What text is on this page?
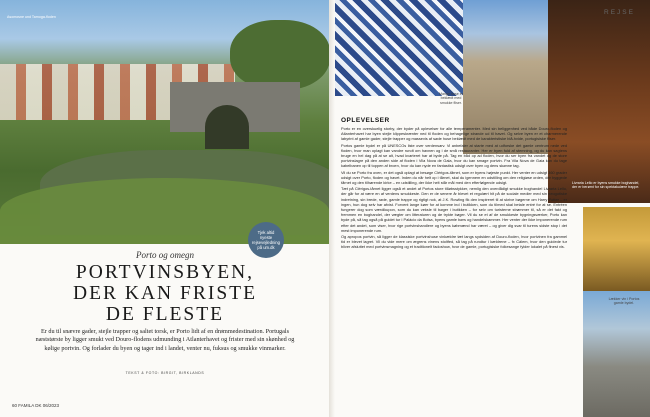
Asomosne und Tarnoga-floden
Tjek altid nyeste rejsevejledning på um.dk
Porto og omegn
PORTVINSBYEN,
DER KAN FRISTE
DE FLESTE
Er du til snævre gader, stejle trapper og saltet torsk, er Porto lidt af en drømmedestination. Portugals næststørste by ligger smukt ved Douro-flodens udmunding i Atlanterhavet og frister med sin skønhed og kølige portvin. Og forlader du byen og tager ind i landet, venter nu, fuksus og smukke vinmarker.
TEKST & FOTO: BIRGIT, BIRKLANDS
60 FAMILA DK 06/2023
REJSE
Mange huse er beklædt med smukke fliser.
Livraria Lello er byens smukke boghandel, der er berømt for sin spektakulære trappe.
Lækker vin i Portos gamle bydel.
OPLEVELSER

Porto er en overskuelig storby, der byder på oplevelser for alle temperamenter. Med sin beliggenhed ved både Douro-floden og Atlanterhavet har byen stejle klippeskrænter ned til floden og behagelige strande ud til havet. Og selve byen er et charmerende labyrint af gamle gader, stejle trapper og massevis af søde huse beklædt med de karakteristiske blå-hvide, portugisiske fliser.

Portos gamle bydel er på UNESCOs liste over verdensarv. Vi anbefaler at starte med at udforske det gamle centrum nede ved floden, hvor man oplagt kan vandre rundt om havnen og i de små restauranter. Her er byen fuld af stemning, og du kan sagtens bruge en hel dag på at se alt, hvad kvarteret har at byde på. Tag en båd op ad floden, hvor du ser byen fra vandet og de store portvinslagre på den anden side af floden i Vila Nova de Gaia, hvor du kan smage portvin. Fra Vila Nova de Gaia kan du tage kabelbanen op til toppen af broen, hvor du kan nyde en fantastisk udsigt over byen og dens skønne tag.

Vil du se Porto fra oven, er det også oplagt at besøge Clérigos-tårnet, som er byens højeste punkt. Her venter en udsigt 360 grader udsigt over Porto, floden og havet. Inden du når helt op i tårnet, skal du igennem en udstilling om den religiøse orden, der byggede tårnet og den tilhørende kirke – en udstilling, der ikke helt står mål med den efterfølgende udsigt.

Tæt på Clérigos-tårnet ligger også et andet af Portos store tilløbsstykker, nemlig den overdådigt smukke boghandel Livraria Lello, der går for at være en af verdens smukkeste. Den er de senere år blevet et regulært hit på de sociale medier med sin neogotiske indretning, sin brede, røde, gamle trappe og rigtigt nok, at J.K. Rowling fik den inspireret til at skrive bøgerne om Harry Potter – er ingen, hun dog selv har afvist. Forvent lange køer for at komme ind i butikken, som du tilmed skal betale entré for at se. Entréen fungerer dog som værdikupon, som du kan veksle til bøger i butikken – for selv om turisterne strømmer til, så er det fakt og fremmen en boghandel, der vægter om litteraturen og de trykte bøger. Vil du se et af de smukkeste bygningsværker, Porto kan byde på, så tag også på guidet tur i Palácio da Bolsa, byens gamle børs og handelskammer. Her venter der ikke imponerende rum efter det andet, som viser, hvor rige portvinshandlere og byens købmænd har været – og giver dig svar til turens sidste stop i det mest imponerende rum.

Og apropos portvin, så ligger de klassiske portvinshuse vinkældre tæt langs sydsiden af Douro-floden, hvor portvinen fra gammel tid er blevet lagret. Vil du vide mere om ægrens vinens stoltfed, så tag på rundtur i kældrene – fx Cálem, hvor den guidede tur bliver afsluttet med portvinsmagning og et traditionelt fadoshow, hvor de gamle, portugisiske folkesange fylder lokalet på finest vis.
